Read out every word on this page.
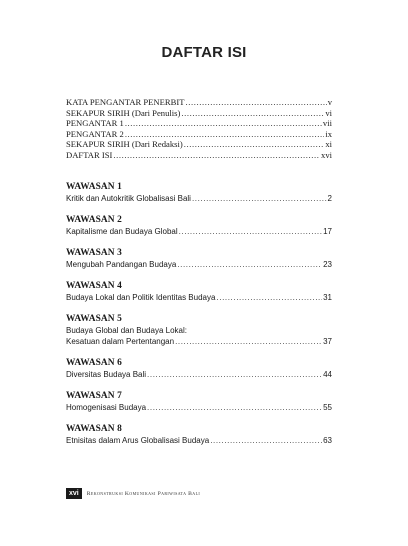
DAFTAR ISI
KATA PENGANTAR PENERBIT .....	v
SEKAPUR SIRIH (Dari Penulis) .....	vi
PENGANTAR 1 .....	vii
PENGANTAR 2 .....	ix
SEKAPUR SIRIH (Dari Redaksi) .....	xi
DAFTAR ISI .....	xvi
WAWASAN 1
Kritik dan Autokritik Globalisasi Bali .....	2
WAWASAN 2
Kapitalisme dan Budaya Global .....	17
WAWASAN 3
Mengubah Pandangan Budaya .....	23
WAWASAN 4
Budaya Lokal dan Politik Identitas Budaya .....	31
WAWASAN 5
Budaya Global dan Budaya Lokal:
Kesatuan dalam Pertentangan .....	37
WAWASAN 6
Diversitas Budaya Bali .....	44
WAWASAN 7
Homogenisasi Budaya .....	55
WAWASAN 8
Etnisitas dalam Arus Globalisasi Budaya .....	63
xvi	Rekonstruksi Komunikasi Pariwisata Bali
